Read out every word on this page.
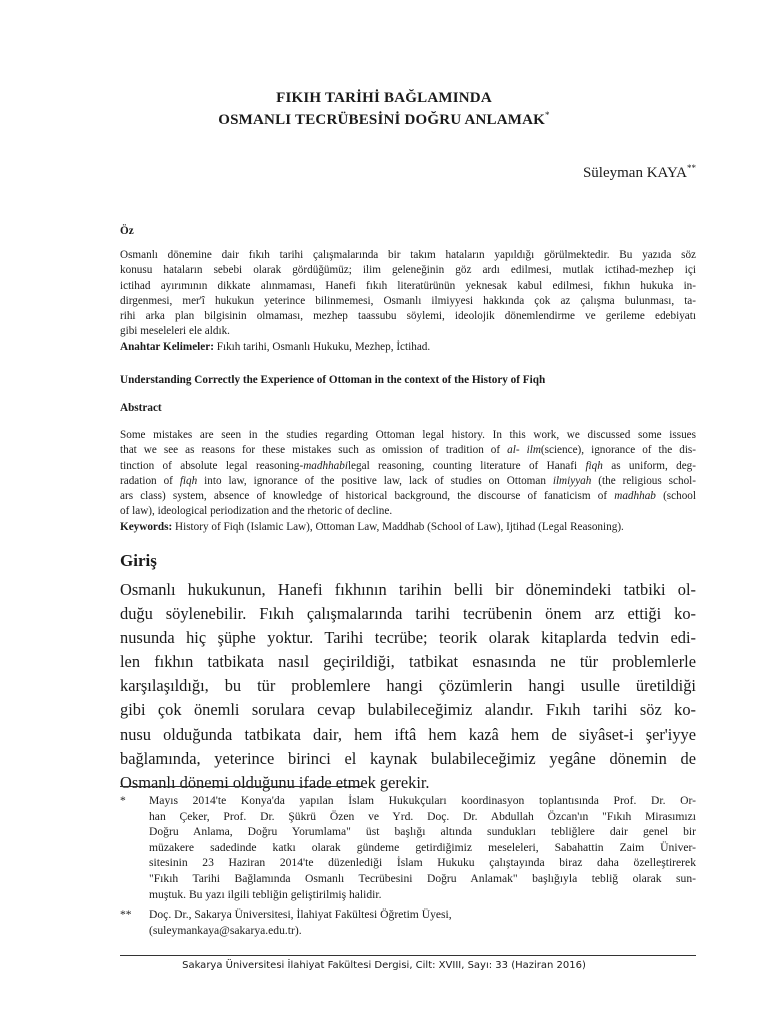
FIKIH TARİHİ BAĞLAMINDA
OSMANLI TECRÜBESİNİ DOĞRU ANLAMAK*
Süleyman KAYA**
Öz
Osmanlı dönemine dair fıkıh tarihi çalışmalarında bir takım hataların yapıldığı görülmektedir. Bu yazıda söz
konusu hataların sebebi olarak gördüğümüz; ilim geleneğinin göz ardı edilmesi, mutlak ictihad-mezhep içi
ictihad ayırımının dikkate alınmaması, Hanefi fıkıh literatürünün yeknesak kabul edilmesi, fıkhın hukuka in-
dirgenmesi, mer'î hukukun yeterince bilinmemesi, Osmanlı ilmiyyesi hakkında çok az çalışma bulunması, ta-
rihi arka plan bilgisinin olmaması, mezhep taassubu söylemi, ideolojik dönemlendirme ve gerileme edebiyatı
gibi meseleleri ele aldık.
Anahtar Kelimeler: Fıkıh tarihi, Osmanlı Hukuku, Mezhep, İctihad.
Understanding Correctly the Experience of Ottoman in the context of the History of Fiqh
Abstract
Some mistakes are seen in the studies regarding Ottoman legal history. In this work, we discussed some issues
that we see as reasons for these mistakes such as omission of tradition of al- ilm(science), ignorance of the dis-
tinction of absolute legal reasoning-madhhabilegal reasoning, counting literature of Hanafi fiqh as uniform, deg-
radation of fiqh into law, ignorance of the positive law, lack of studies on Ottoman ilmiyyah (the religious schol-
ars class) system, absence of knowledge of historical background, the discourse of fanaticism of madhhab (school
of law), ideological periodization and the rhetoric of decline.
Keywords: History of Fiqh (Islamic Law), Ottoman Law, Maddhab (School of Law), Ijtihad (Legal Reasoning).
Giriş
Osmanlı hukukunun, Hanefi fıkhının tarihin belli bir dönemindeki tatbiki ol-
duğu söylenebilir. Fıkıh çalışmalarında tarihi tecrübenin önem arz ettiği ko-
nusunda hiç şüphe yoktur. Tarihi tecrübe; teorik olarak kitaplarda tedvin edi-
len fıkhın tatbikata nasıl geçirildiği, tatbikat esnasında ne tür problemlerle
karşılaşıldığı, bu tür problemlere hangi çözümlerin hangi usulle üretildiği
gibi çok önemli sorulara cevap bulabileceğimiz alandır. Fıkıh tarihi söz ko-
nusu olduğunda tatbikata dair, hem iftâ hem kazâ hem de siyâset-i şer'iyye
bağlamında, yeterince birinci el kaynak bulabileceğimiz yegâne dönemin de
Osmanlı dönemi olduğunu ifade etmek gerekir.
* Mayıs 2014'te Konya'da yapılan İslam Hukukçuları koordinasyon toplantısında Prof. Dr. Or-
han Çeker, Prof. Dr. Şükrü Özen ve Yrd. Doç. Dr. Abdullah Özcan'ın "Fıkıh Mirasımızı
Doğru Anlama, Doğru Yorumlama" üst başlığı altında sundukları tebliğlere dair genel bir
müzakere sadedinde katkı olarak gündeme getirdiğimiz meseleleri, Sabahattin Zaim Üniver-
sitesinin 23 Haziran 2014'te düzenlediği İslam Hukuku çalıştayında biraz daha özelleştirerek
"Fıkıh Tarihi Bağlamında Osmanlı Tecrübesini Doğru Anlamak" başlığıyla tebliğ olarak sun-
muştuk. Bu yazı ilgili tebliğin geliştirilmiş halidir.
** Doç. Dr., Sakarya Üniversitesi, İlahiyat Fakültesi Öğretim Üyesi,
(suleymankaya@sakarya.edu.tr).
Sakarya Üniversitesi İlahiyat Fakültesi Dergisi, Cilt: XVIII, Sayı: 33 (Haziran 2016)
